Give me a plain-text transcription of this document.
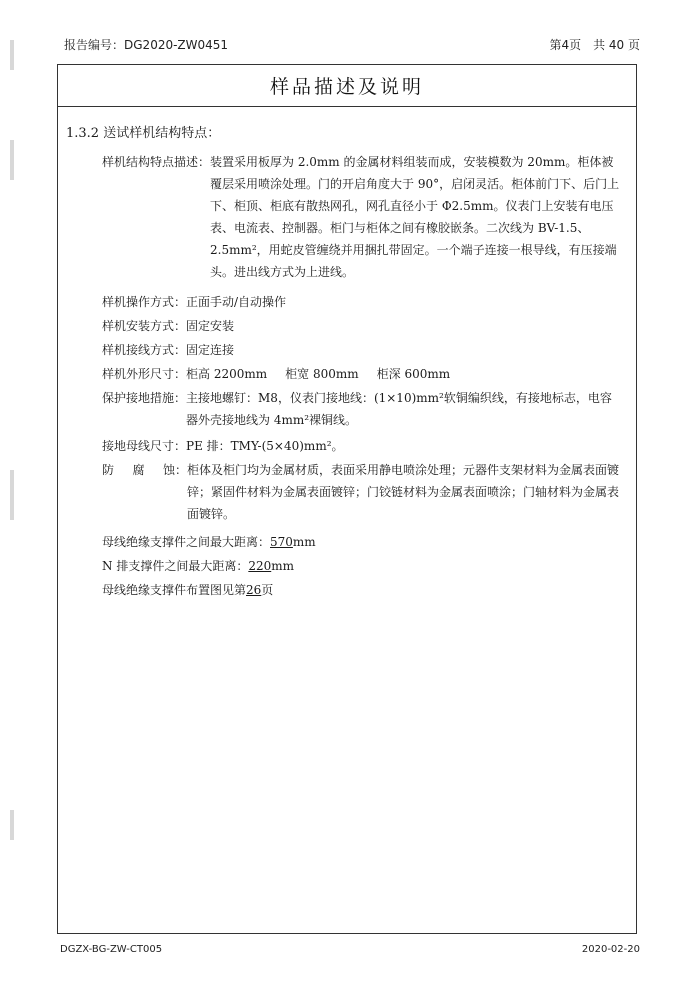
报告编号：DG2020-ZW0451	第4页　共 40 页
样品描述及说明
1.3.2 送试样机结构特点：
样机结构特点描述： 装置采用板厚为 2.0mm 的金属材料组装而成，安装模数为 20mm。柜体被覆层采用喷涂处理。门的开启角度大于 90°，启闭灵活。柜体前门下、后门上下、柜顶、柜底有散热网孔，网孔直径小于 Φ2.5mm。仪表门上安装有电压表、电流表、控制器。柜门与柜体之间有橡胶嵌条。二次线为 BV-1.5、2.5mm²，用蛇皮管缠绕并用捆扎带固定。一个端子连接一根导线，有压接端头。进出线方式为上进线。
样机操作方式： 正面手动/自动操作
样机安装方式： 固定安装
样机接线方式： 固定连接
样机外形尺寸： 柜高 2200mm 柜宽 800mm 柜深 600mm
保护接地措施： 主接地螺钉：M8，仪表门接地线：(1×10)mm²软铜编织线，有接地标志，电容器外壳接地线为 4mm²裸铜线。
接地母线尺寸： PE 排：TMY-(5×40)mm²。
防 腐 蚀 ： 柜体及柜门均为金属材质，表面采用静电喷涂处理；元器件支架材料为金属表面镀锌；紧固件材料为金属表面镀锌；门铰链材料为金属表面喷涂；门轴材料为金属表面镀锌。
母线绝缘支撑件之间最大距离： 570 mm
N 排支撑件之间最大距离： 220 mm
母线绝缘支撑件布置图见第 26 页
DGZX-BG-ZW-CT005	2020-02-20
